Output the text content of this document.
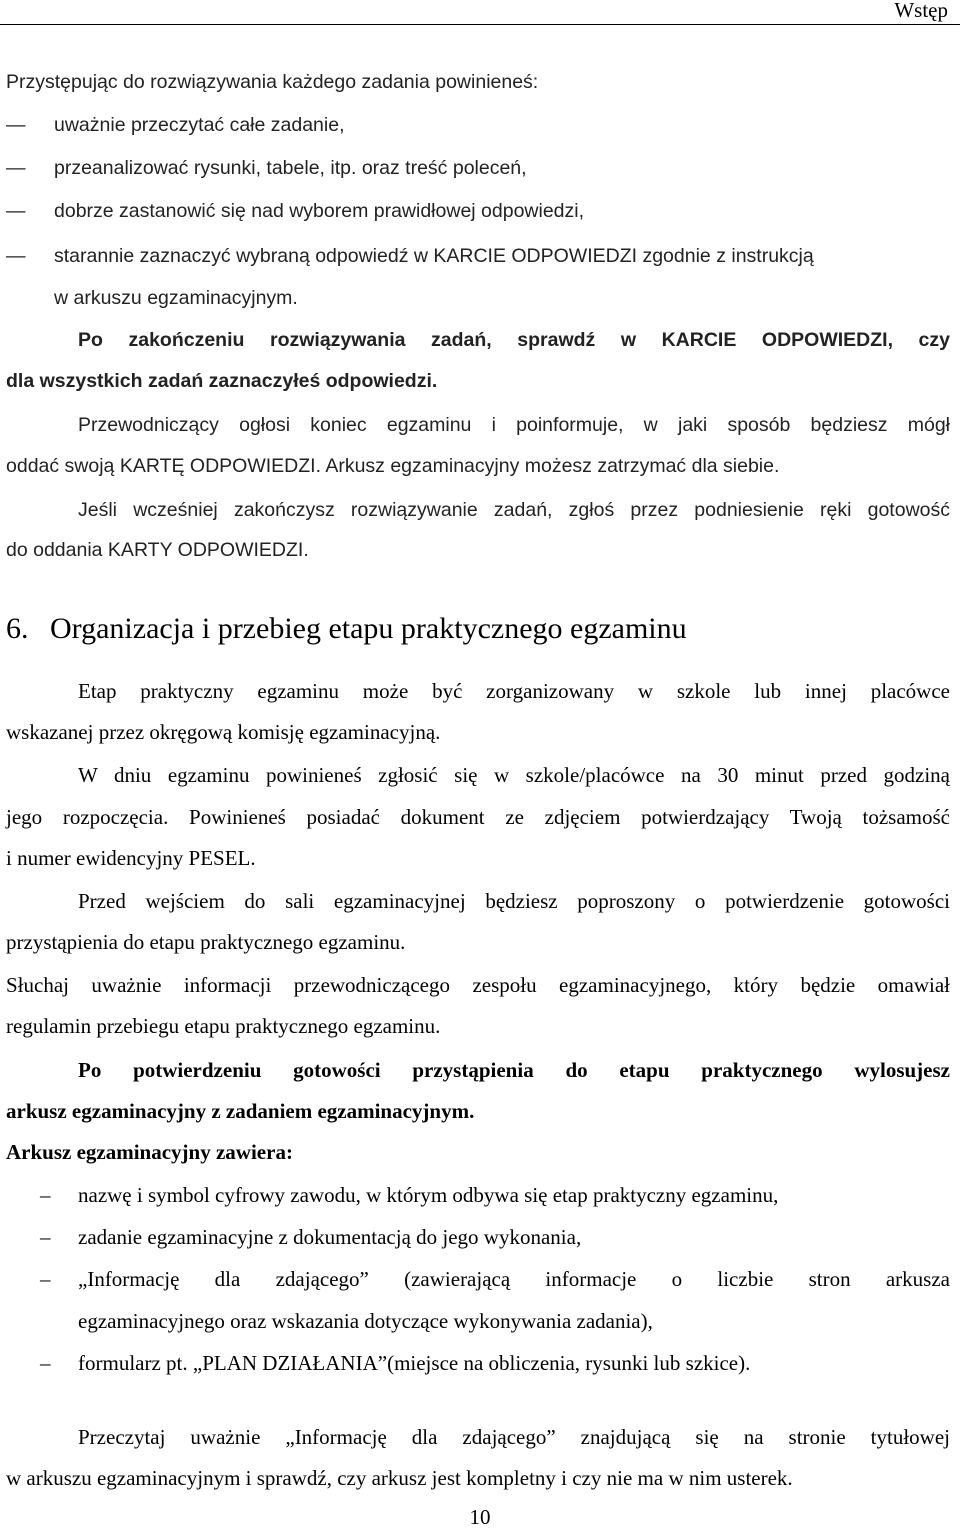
Wstęp
Przystępując do rozwiązywania każdego zadania powinieneś:
—	uważnie przeczytać całe zadanie,
—	przeanalizować rysunki, tabele, itp. oraz treść poleceń,
—	dobrze zastanowić się nad wyborem prawidłowej odpowiedzi,
—	starannie zaznaczyć wybraną odpowiedź w KARCIE ODPOWIEDZI zgodnie z instrukcją
w arkuszu egzaminacyjnym.
Po zakończeniu rozwiązywania zadań, sprawdź w KARCIE ODPOWIEDZI, czy
dla wszystkich zadań zaznaczyłeś odpowiedzi.
Przewodniczący ogłosi koniec egzaminu i poinformuje, w jaki sposób będziesz mógł
oddać swoją KARTĘ ODPOWIEDZI. Arkusz egzaminacyjny możesz zatrzymać dla siebie.
Jeśli wcześniej zakończysz rozwiązywanie zadań, zgłoś przez podniesienie ręki gotowość
do oddania KARTY ODPOWIEDZI.
6. Organizacja i przebieg etapu praktycznego egzaminu
Etap praktyczny egzaminu może być zorganizowany w szkole lub innej placówce
wskazanej przez okręgową komisję egzaminacyjną.
W dniu egzaminu powinieneś zgłosić się w szkole/placówce na 30 minut przed godziną
jego rozpoczęcia. Powinieneś posiadać dokument ze zdjęciem potwierdzający Twoją tożsamość
i numer ewidencyjny PESEL.
Przed wejściem do sali egzaminacyjnej będziesz poproszony o potwierdzenie gotowości
przystąpienia do etapu praktycznego egzaminu.
Słuchaj uważnie informacji przewodniczącego zespołu egzaminacyjnego, który będzie omawiał
regulamin przebiegu etapu praktycznego egzaminu.
Po potwierdzeniu gotowości przystąpienia do etapu praktycznego wylosujesz
arkusz egzaminacyjny z zadaniem egzaminacyjnym.
Arkusz egzaminacyjny zawiera:
–	nazwę i symbol cyfrowy zawodu, w którym odbywa się etap praktyczny egzaminu,
–	zadanie egzaminacyjne z dokumentacją do jego wykonania,
–	„Informację dla zdającego” (zawierającą informacje o liczbie stron arkusza
egzaminacyjnego oraz wskazania dotyczące wykonywania zadania),
–	formularz pt. „PLAN DZIAŁANIA”(miejsce na obliczenia, rysunki lub szkice).
Przeczytaj uważnie „Informację dla zdającego” znajdującą się na stronie tytułowej
w arkuszu egzaminacyjnym i sprawdź, czy arkusz jest kompletny i czy nie ma w nim usterek.
10
